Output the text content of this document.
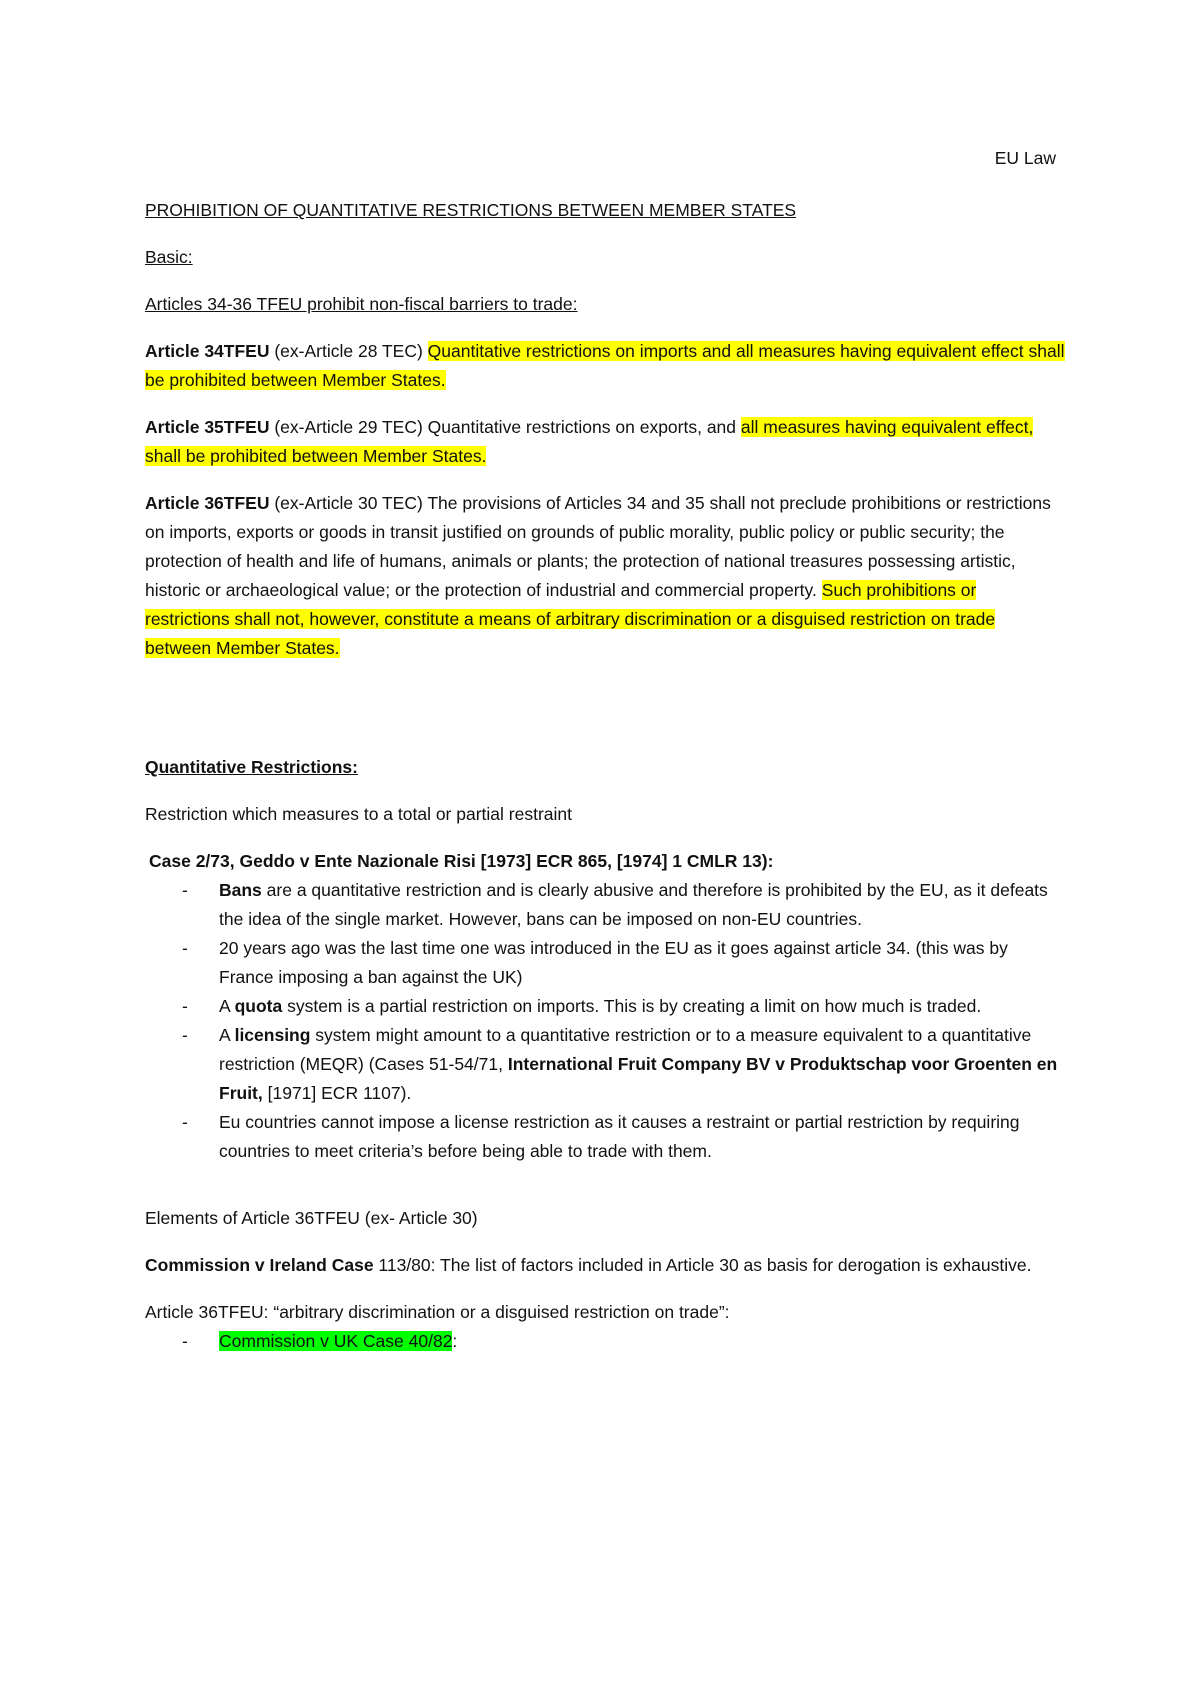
EU Law

PROHIBITION OF QUANTITATIVE RESTRICTIONS BETWEEN MEMBER STATES

Basic:

Articles 34-36 TFEU prohibit non-fiscal barriers to trade:

Article 34TFEU (ex-Article 28 TEC) Quantitative restrictions on imports and all measures having equivalent effect shall be prohibited between Member States.

Article 35TFEU (ex-Article 29 TEC) Quantitative restrictions on exports, and all measures having equivalent effect, shall be prohibited between Member States.

Article 36TFEU (ex-Article 30 TEC) The provisions of Articles 34 and 35 shall not preclude prohibitions or restrictions on imports, exports or goods in transit justified on grounds of public morality, public policy or public security; the protection of health and life of humans, animals or plants; the protection of national treasures possessing artistic, historic or archaeological value; or the protection of industrial and commercial property. Such prohibitions or restrictions shall not, however, constitute a means of arbitrary discrimination or a disguised restriction on trade between Member States.

Quantitative Restrictions:

Restriction which measures to a total or partial restraint

Case 2/73, Geddo v Ente Nazionale Risi [1973] ECR 865, [1974] 1 CMLR 13):

- Bans are a quantitative restriction and is clearly abusive and therefore is prohibited by the EU, as it defeats the idea of the single market. However, bans can be imposed on non-EU countries.
- 20 years ago was the last time one was introduced in the EU as it goes against article 34. (this was by France imposing a ban against the UK)
- A quota system is a partial restriction on imports. This is by creating a limit on how much is traded.
- A licensing system might amount to a quantitative restriction or to a measure equivalent to a quantitative restriction (MEQR) (Cases 51-54/71, International Fruit Company BV v Produktschap voor Groenten en Fruit, [1971] ECR 1107).
- Eu countries cannot impose a license restriction as it causes a restraint or partial restriction by requiring countries to meet criteria’s before being able to trade with them.

Elements of Article 36TFEU (ex- Article 30)

Commission v Ireland Case 113/80: The list of factors included in Article 30 as basis for derogation is exhaustive.

Article 36TFEU: “arbitrary discrimination or a disguised restriction on trade”:

- Commission v UK Case 40/82:
